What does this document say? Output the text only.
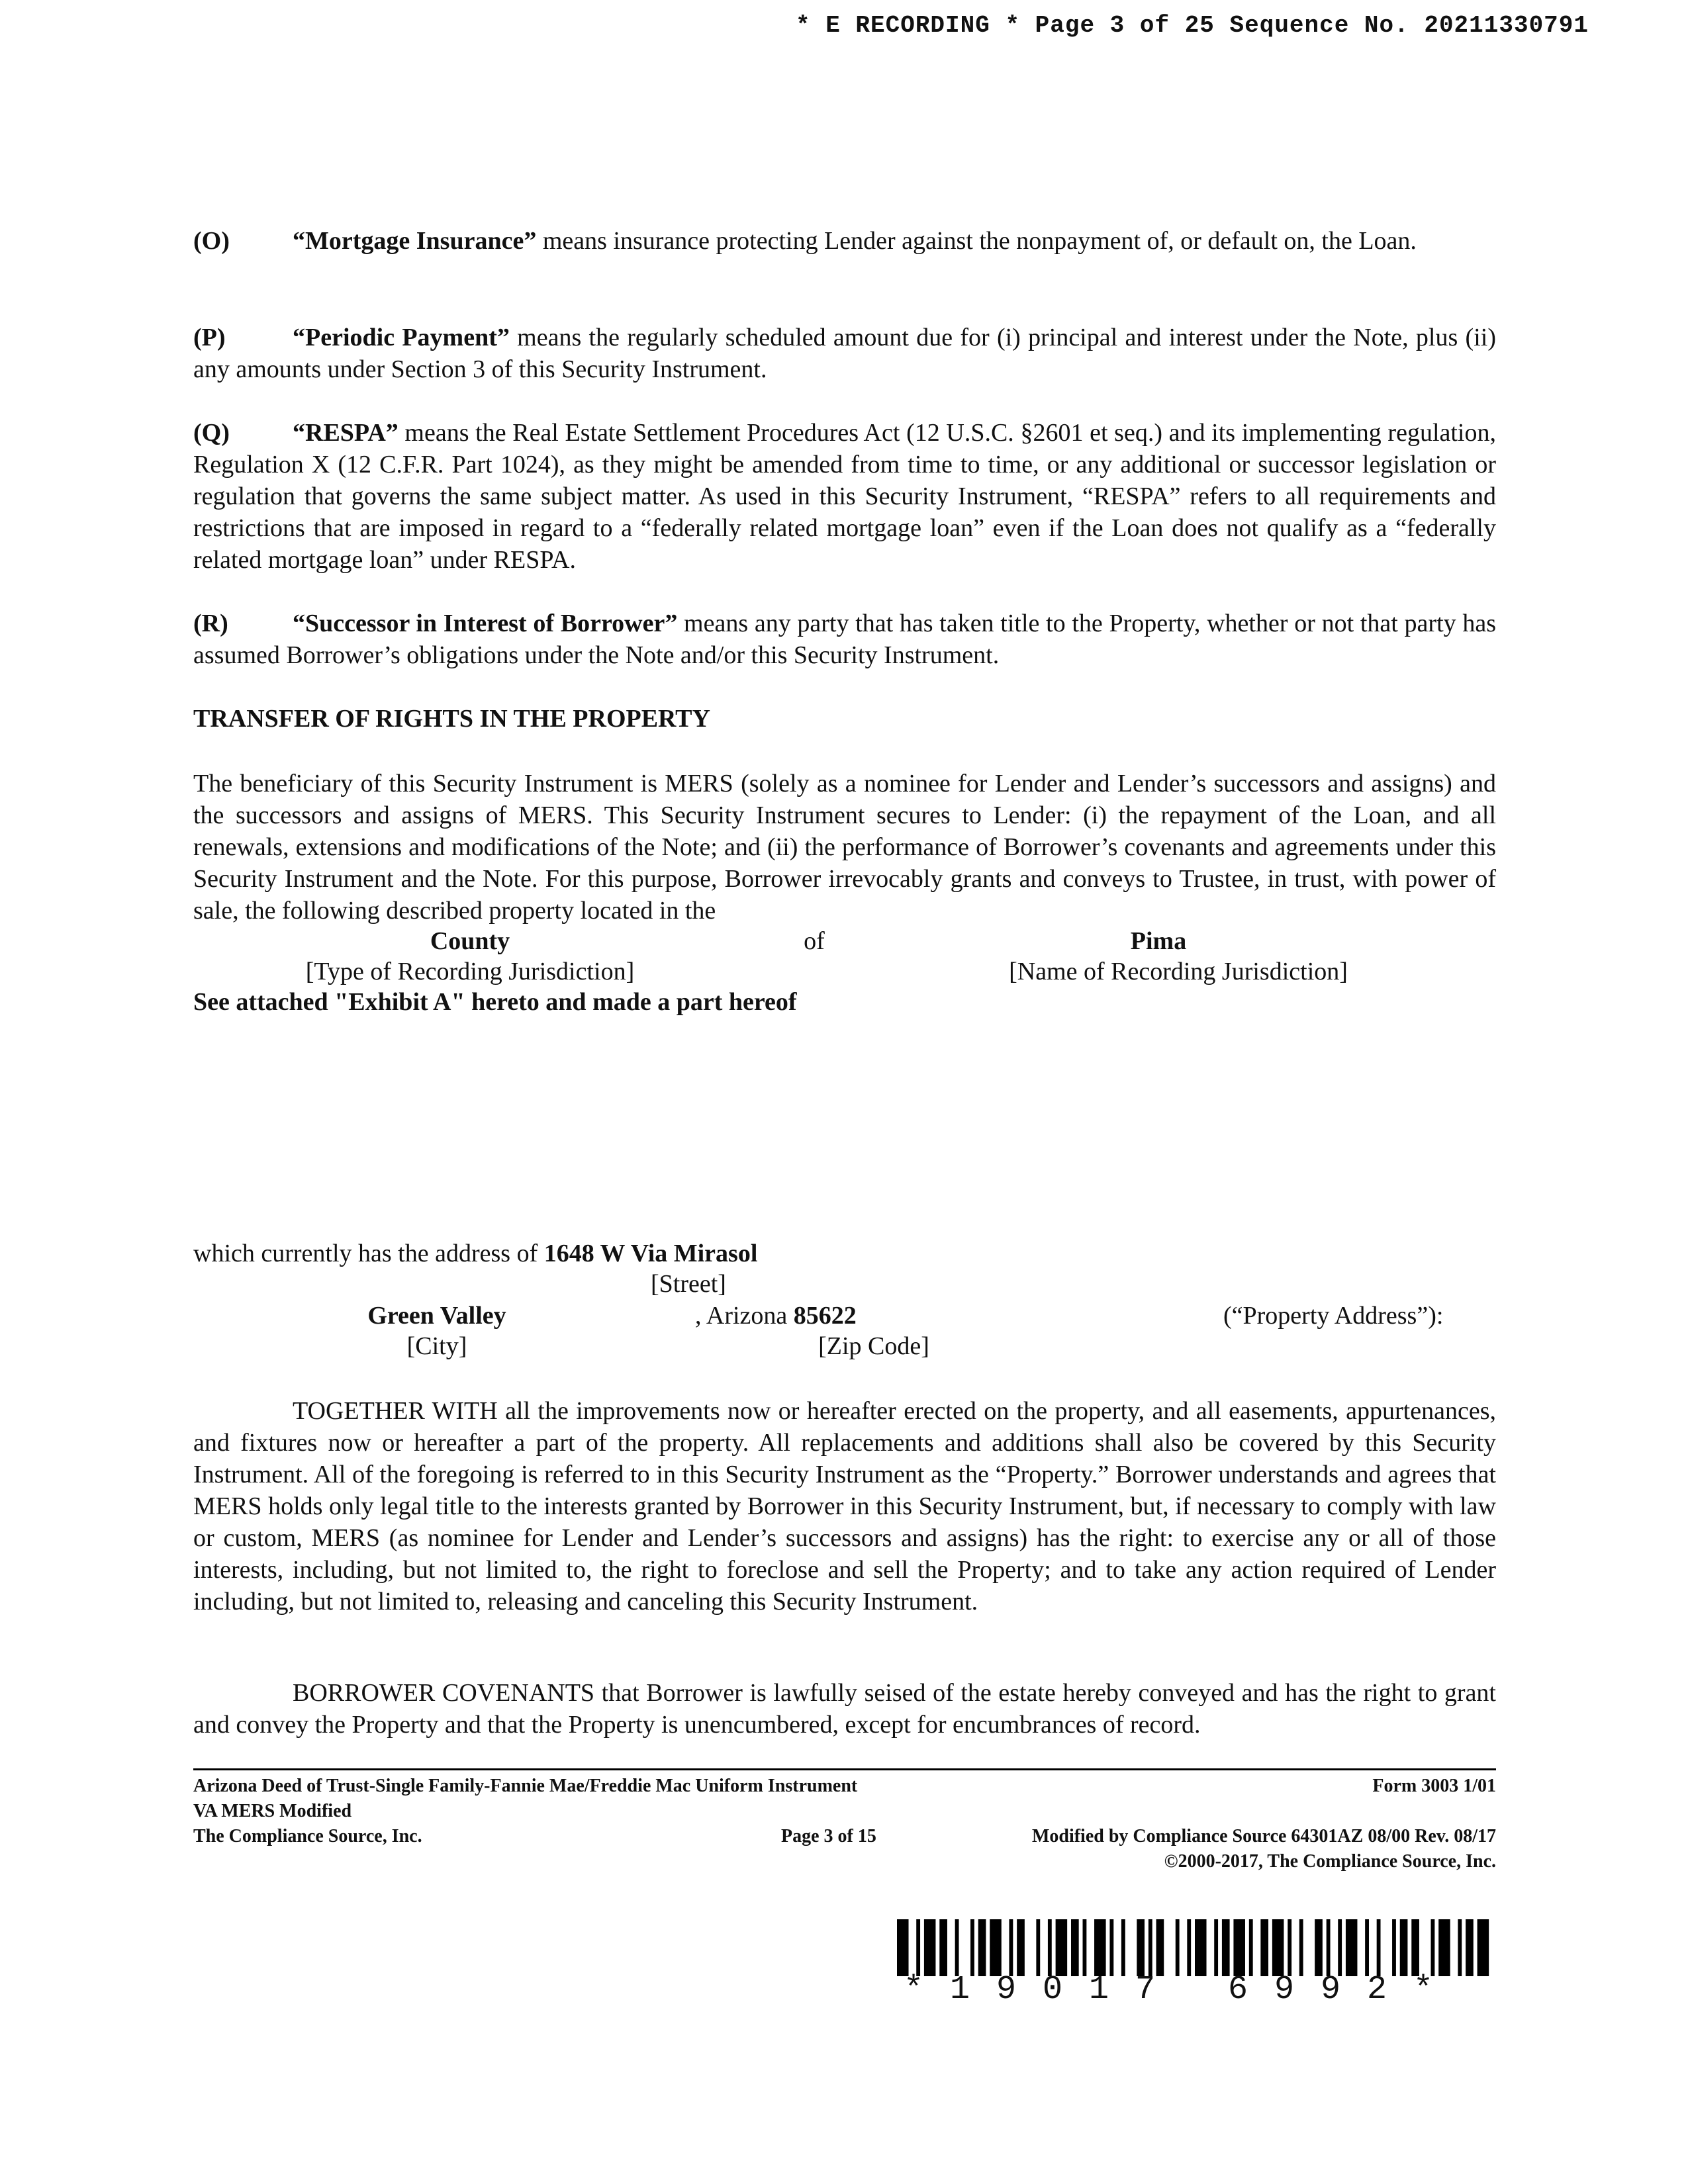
* E RECORDING * Page 3 of 25 Sequence No. 20211330791
(O)	“Mortgage Insurance” means insurance protecting Lender against the nonpayment of, or default on, the Loan.
(P)	“Periodic Payment” means the regularly scheduled amount due for (i) principal and interest under the Note, plus (ii) any amounts under Section 3 of this Security Instrument.
(Q)	“RESPA” means the Real Estate Settlement Procedures Act (12 U.S.C. §2601 et seq.) and its implementing regulation, Regulation X (12 C.F.R. Part 1024), as they might be amended from time to time, or any additional or successor legislation or regulation that governs the same subject matter. As used in this Security Instrument, “RESPA” refers to all requirements and restrictions that are imposed in regard to a “federally related mortgage loan” even if the Loan does not qualify as a “federally related mortgage loan” under RESPA.
(R)	“Successor in Interest of Borrower” means any party that has taken title to the Property, whether or not that party has assumed Borrower’s obligations under the Note and/or this Security Instrument.
TRANSFER OF RIGHTS IN THE PROPERTY
The beneficiary of this Security Instrument is MERS (solely as a nominee for Lender and Lender’s successors and assigns) and the successors and assigns of MERS. This Security Instrument secures to Lender: (i) the repayment of the Loan, and all renewals, extensions and modifications of the Note; and (ii) the performance of Borrower’s covenants and agreements under this Security Instrument and the Note. For this purpose, Borrower irrevocably grants and conveys to Trustee, in trust, with power of sale, the following described property located in the
County	of	Pima
[Type of Recording Jurisdiction]	[Name of Recording Jurisdiction]
See attached "Exhibit A" hereto and made a part hereof
which currently has the address of 1648 W Via Mirasol
[Street]
Green Valley	, Arizona 85622	(“Property Address”):
[City]	[Zip Code]
TOGETHER WITH all the improvements now or hereafter erected on the property, and all easements, appurtenances, and fixtures now or hereafter a part of the property. All replacements and additions shall also be covered by this Security Instrument. All of the foregoing is referred to in this Security Instrument as the “Property.” Borrower understands and agrees that MERS holds only legal title to the interests granted by Borrower in this Security Instrument, but, if necessary to comply with law or custom, MERS (as nominee for Lender and Lender’s successors and assigns) has the right: to exercise any or all of those interests, including, but not limited to, the right to foreclose and sell the Property; and to take any action required of Lender including, but not limited to, releasing and canceling this Security Instrument.
BORROWER COVENANTS that Borrower is lawfully seised of the estate hereby conveyed and has the right to grant and convey the Property and that the Property is unencumbered, except for encumbrances of record.
Arizona Deed of Trust-Single Family-Fannie Mae/Freddie Mac Uniform Instrument	Form 3003 1/01
VA MERS Modified
The Compliance Source, Inc.	Page 3 of 15	Modified by Compliance Source 64301AZ 08/00 Rev. 08/17
©2000-2017, The Compliance Source, Inc.
*19017 6992*
